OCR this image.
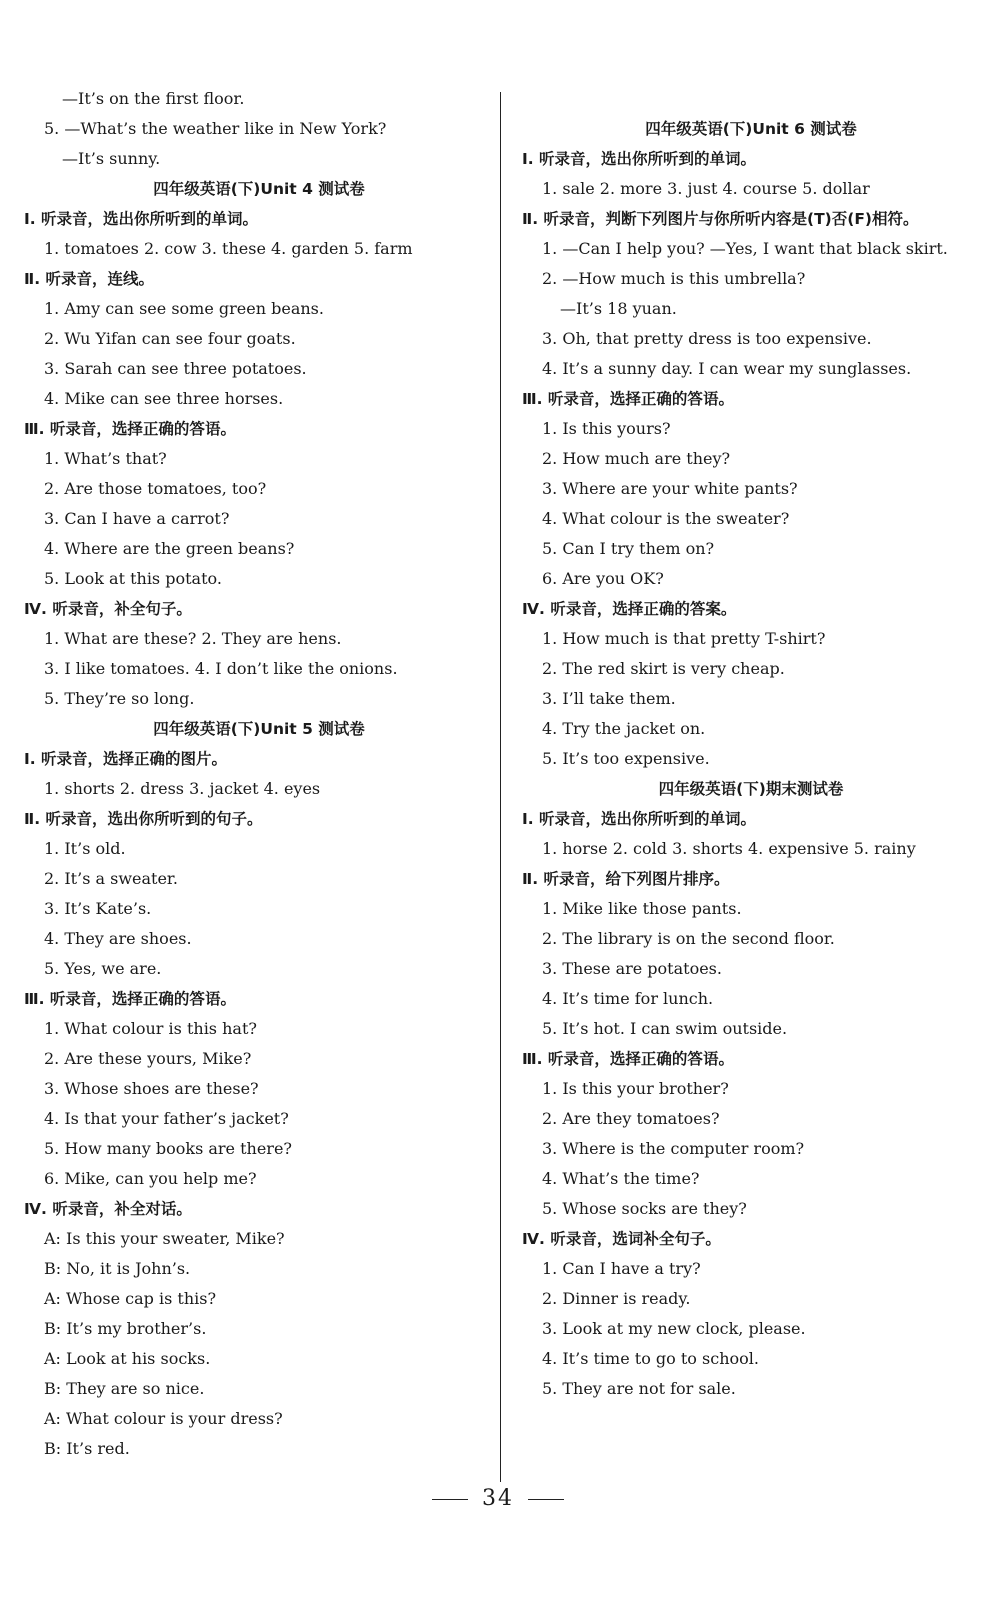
—It’s on the first floor.
5. —What’s the weather like in New York?
—It’s sunny.
四年级英语(下)Unit 4 测试卷
Ⅰ. 听录音，选出你所听到的单词。
1. tomatoes 2. cow 3. these 4. garden 5. farm
Ⅱ. 听录音，连线。
1. Amy can see some green beans.
2. Wu Yifan can see four goats.
3. Sarah can see three potatoes.
4. Mike can see three horses.
Ⅲ. 听录音，选择正确的答语。
1. What’s that?
2. Are those tomatoes, too?
3. Can I have a carrot?
4. Where are the green beans?
5. Look at this potato.
Ⅳ. 听录音，补全句子。
1. What are these? 2. They are hens.
3. I like tomatoes. 4. I don’t like the onions.
5. They’re so long.
四年级英语(下)Unit 5 测试卷
Ⅰ. 听录音，选择正确的图片。
1. shorts 2. dress 3. jacket 4. eyes
Ⅱ. 听录音，选出你所听到的句子。
1. It’s old.
2. It’s a sweater.
3. It’s Kate’s.
4. They are shoes.
5. Yes, we are.
Ⅲ. 听录音，选择正确的答语。
1. What colour is this hat?
2. Are these yours, Mike?
3. Whose shoes are these?
4. Is that your father’s jacket?
5. How many books are there?
6. Mike, can you help me?
Ⅳ. 听录音，补全对话。
A: Is this your sweater, Mike?
B: No, it is John’s.
A: Whose cap is this?
B: It’s my brother’s.
A: Look at his socks.
B: They are so nice.
A: What colour is your dress?
B: It’s red.
四年级英语(下)Unit 6 测试卷
Ⅰ. 听录音，选出你所听到的单词。
1. sale 2. more 3. just 4. course 5. dollar
Ⅱ. 听录音，判断下列图片与你所听内容是(T)否(F)相符。
1. —Can I help you? —Yes, I want that black skirt.
2. —How much is this umbrella?
—It’s 18 yuan.
3. Oh, that pretty dress is too expensive.
4. It’s a sunny day. I can wear my sunglasses.
Ⅲ. 听录音，选择正确的答语。
1. Is this yours?
2. How much are they?
3. Where are your white pants?
4. What colour is the sweater?
5. Can I try them on?
6. Are you OK?
Ⅳ. 听录音，选择正确的答案。
1. How much is that pretty T-shirt?
2. The red skirt is very cheap.
3. I’ll take them.
4. Try the jacket on.
5. It’s too expensive.
四年级英语(下)期末测试卷
Ⅰ. 听录音，选出你所听到的单词。
1. horse 2. cold 3. shorts 4. expensive 5. rainy
Ⅱ. 听录音，给下列图片排序。
1. Mike like those pants.
2. The library is on the second floor.
3. These are potatoes.
4. It’s time for lunch.
5. It’s hot. I can swim outside.
Ⅲ. 听录音，选择正确的答语。
1. Is this your brother?
2. Are they tomatoes?
3. Where is the computer room?
4. What’s the time?
5. Whose socks are they?
Ⅳ. 听录音，选词补全句子。
1. Can I have a try?
2. Dinner is ready.
3. Look at my new clock, please.
4. It’s time to go to school.
5. They are not for sale.
34
